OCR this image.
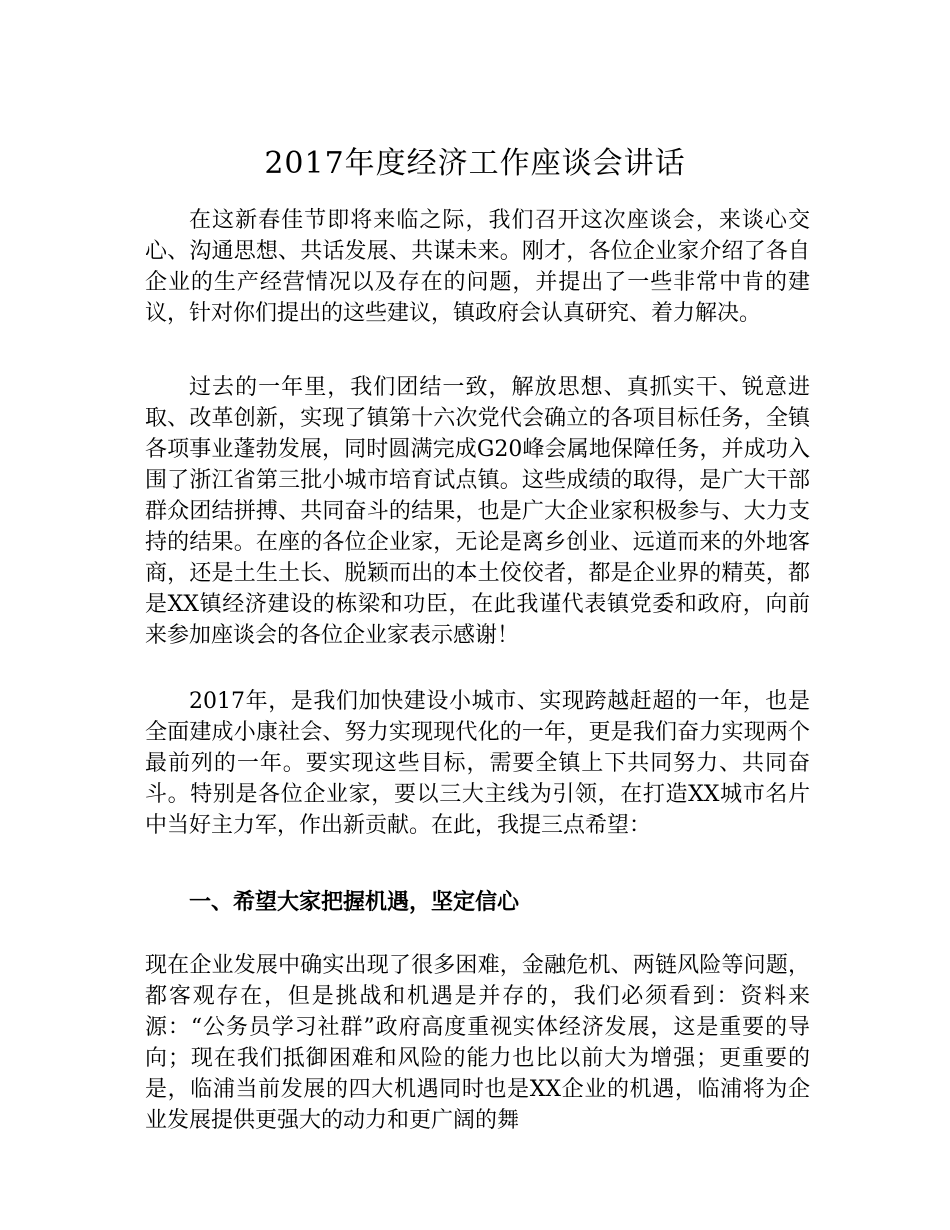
2017年度经济工作座谈会讲话

在这新春佳节即将来临之际，我们召开这次座谈会，来谈心交心、沟通思想、共话发展、共谋未来。刚才，各位企业家介绍了各自企业的生产经营情况以及存在的问题，并提出了一些非常中肯的建议，针对你们提出的这些建议，镇政府会认真研究、着力解决。

过去的一年里，我们团结一致，解放思想、真抓实干、锐意进取、改革创新，实现了镇第十六次党代会确立的各项目标任务，全镇各项事业蓬勃发展，同时圆满完成G20峰会属地保障任务，并成功入围了浙江省第三批小城市培育试点镇。这些成绩的取得，是广大干部群众团结拼搏、共同奋斗的结果，也是广大企业家积极参与、大力支持的结果。在座的各位企业家，无论是离乡创业、远道而来的外地客商，还是土生土长、脱颖而出的本土佼佼者，都是企业界的精英，都是XX镇经济建设的栋梁和功臣，在此我谨代表镇党委和政府，向前来参加座谈会的各位企业家表示感谢！

2017年，是我们加快建设小城市、实现跨越赶超的一年，也是全面建成小康社会、努力实现现代化的一年，更是我们奋力实现两个最前列的一年。要实现这些目标，需要全镇上下共同努力、共同奋斗。特别是各位企业家，要以三大主线为引领，在打造XX城市名片中当好主力军，作出新贡献。在此，我提三点希望：

一、希望大家把握机遇，坚定信心

现在企业发展中确实出现了很多困难，金融危机、两链风险等问题，都客观存在，但是挑战和机遇是并存的，我们必须看到：资料来源：“公务员学习社群”政府高度重视实体经济发展，这是重要的导向；现在我们抵御困难和风险的能力也比以前大为增强；更重要的是，临浦当前发展的四大机遇同时也是XX企业的机遇，临浦将为企业发展提供更强大的动力和更广阔的舞
